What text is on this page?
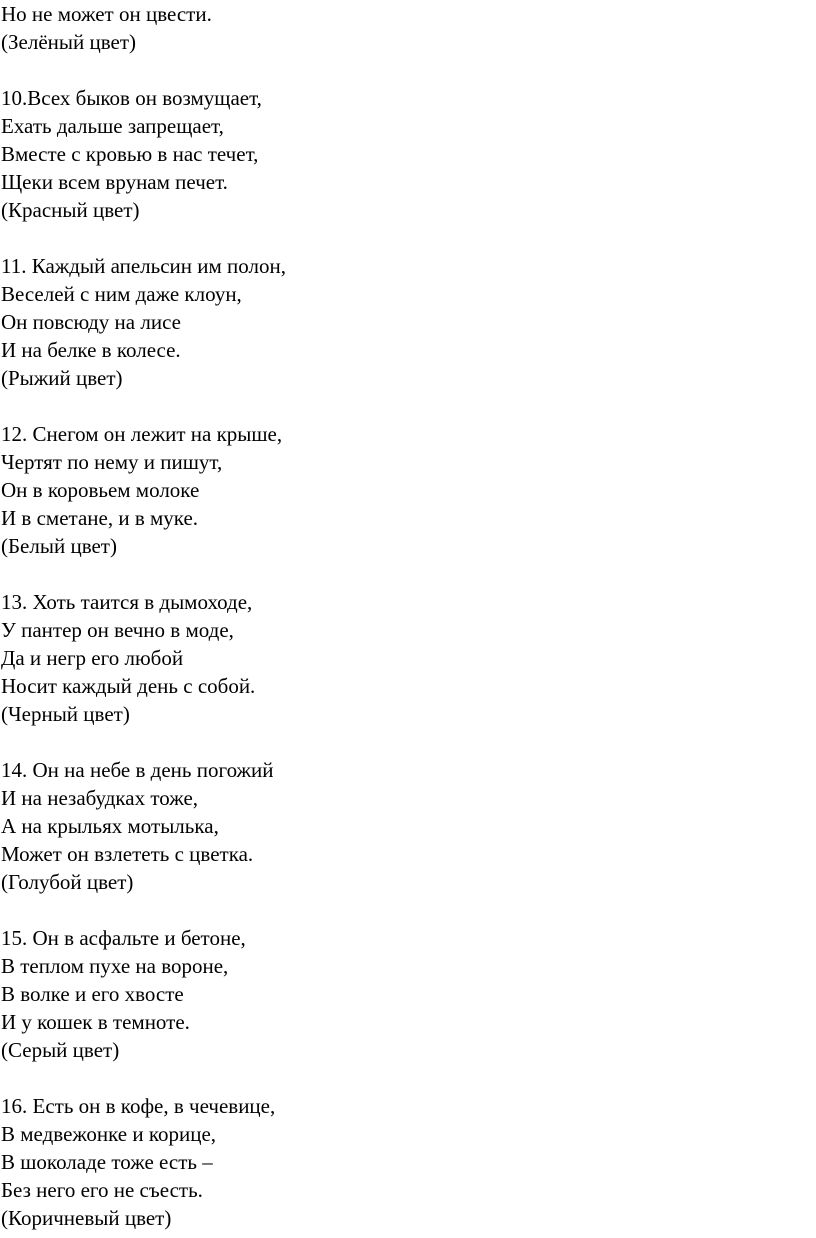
Но не может он цвести.
(Зелёный цвет)
10.Всех быков он возмущает,
Ехать дальше запрещает,
Вместе с кровью в нас течет,
Щеки всем врунам печет.
(Красный цвет)
11. Каждый апельсин им полон,
Веселей с ним даже клоун,
Он повсюду на лисе
И на белке в колесе.
(Рыжий цвет)
12. Снегом он лежит на крыше,
Чертят по нему и пишут,
Он в коровьем молоке
И в сметане, и в муке.
(Белый цвет)
13. Хоть таится в дымоходе,
У пантер он вечно в моде,
Да и негр его любой
Носит каждый день с собой.
(Черный цвет)
14. Он на небе в день погожий
И на незабудках тоже,
А на крыльях мотылька,
Может он взлететь с цветка.
(Голубой цвет)
15. Он в асфальте и бетоне,
В теплом пухе на вороне,
В волке и его хвосте
И у кошек в темноте.
(Серый цвет)
16. Есть он в кофе, в чечевице,
В медвежонке и корице,
В шоколаде тоже есть –
Без него его не съесть.
(Коричневый цвет)
